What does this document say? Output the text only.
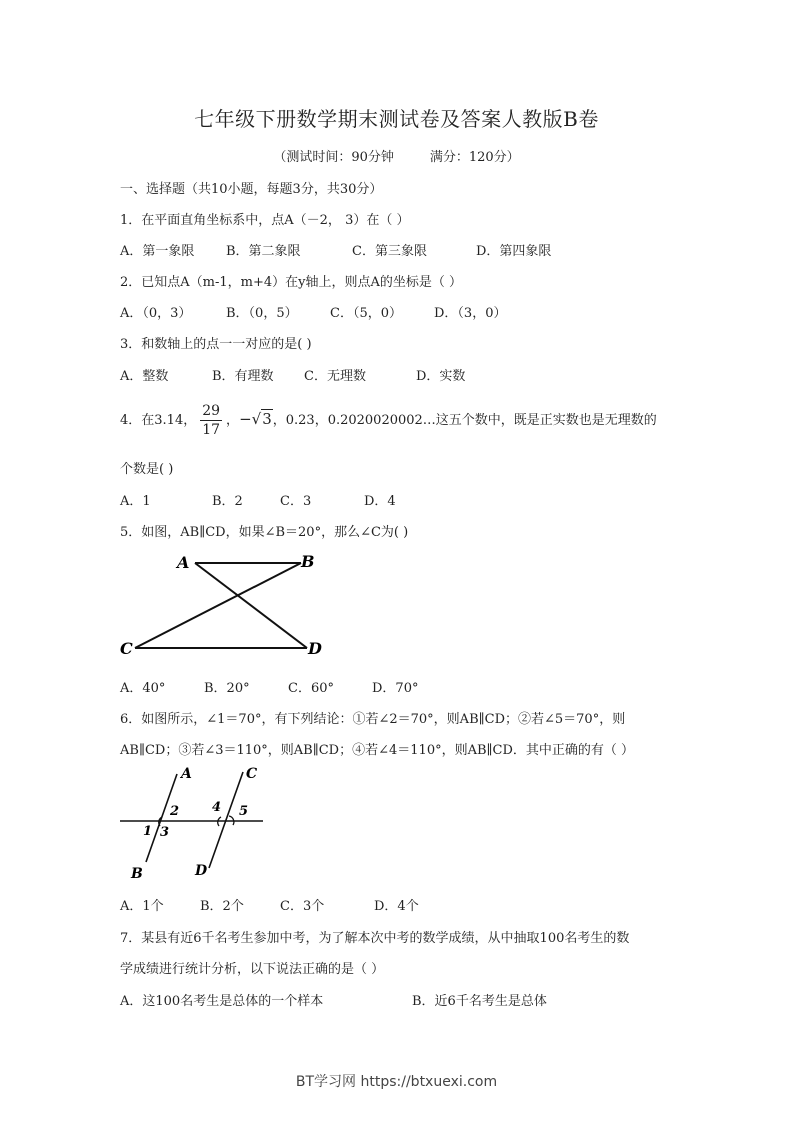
七年级下册数学期末测试卷及答案人教版B卷
（测试时间：90分钟	满分：120分）
一、选择题（共10小题，每题3分，共30分）
1．在平面直角坐标系中，点A（－2， 3）在（ ）
A．第一象限 B．第二象限	C．第三象限	D．第四象限
2．已知点A（m-1，m+4）在y轴上，则点A的坐标是（ ）
A．（0，3）	B．（0，5） C．（5，0） D．（3，0）
3．和数轴上的点一一对应的是( )
A．整数	B．有理数 C．无理数	D．实数
4．在3.14， $\frac{29}{17}$ ，−√3，0.23，0.2020020002…这五个数中，既是正实数也是无理数的
个数是( )
A．1	B．2	C．3	D．4
5．如图，AB∥CD，如果∠B＝20°，那么∠C为( )
A	B
C	D
A．40°	B．20°	C．60°	D．70°
6．如图所示，∠1＝70°，有下列结论：①若∠2＝70°，则AB∥CD；②若∠5＝70°，则
AB∥CD；③若∠3＝110°，则AB∥CD；④若∠4＝110°，则AB∥CD．其中正确的有（ ）
A
B
C
D
1
2
3
4 5
A．1个	B．2个	C．3个	D．4个
7．某县有近6千名考生参加中考，为了解本次中考的数学成绩，从中抽取100名考生的数
学成绩进行统计分析，以下说法正确的是（ ）
A．这100名考生是总体的一个样本	B．近6千名考生是总体
BT学习网 https://btxuexi.com
